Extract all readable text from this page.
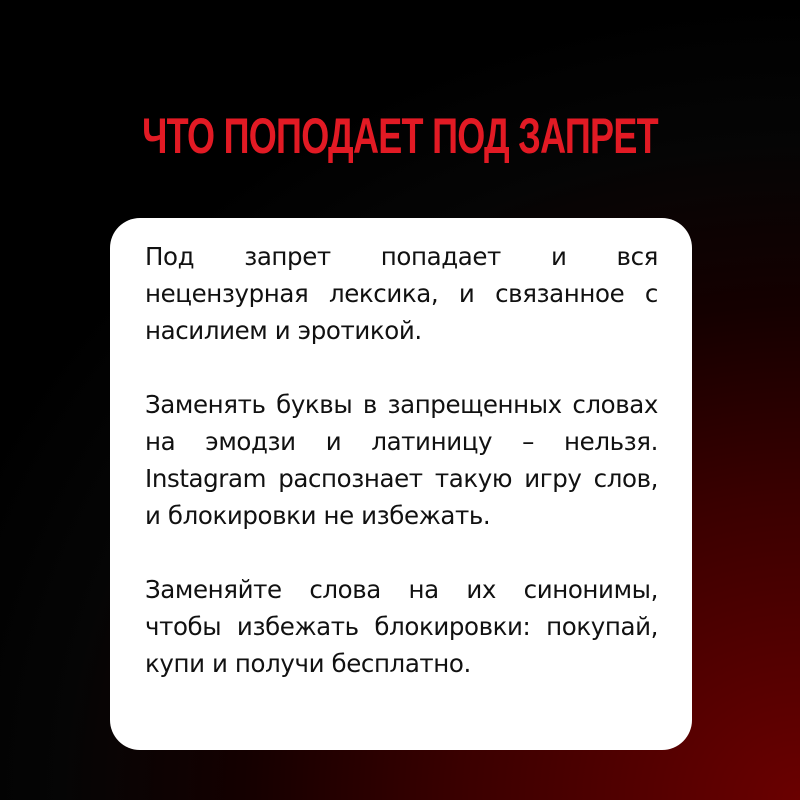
ЧТО ПОПОДАЕТ ПОД ЗАПРЕТ

Под запрет попадает и вся нецензурная лексика, и связанное с насилием и эротикой.

Заменять буквы в запрещенных словах на эмодзи и латиницу – нельзя. Instagram распознает такую игру слов, и блокировки не избежать.

Заменяйте слова на их синонимы, чтобы избежать блокировки: покупай, купи и получи бесплатно.
